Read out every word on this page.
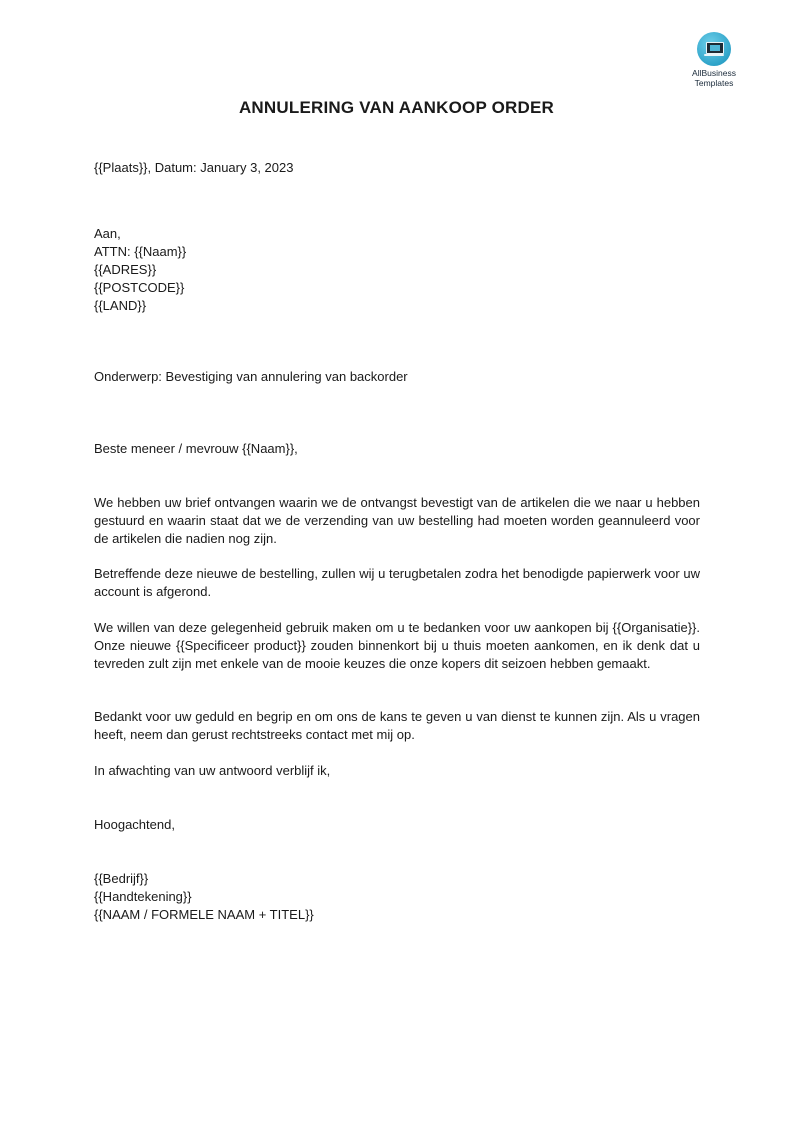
AllBusiness
Templates
ANNULERING VAN AANKOOP ORDER
{{Plaats}}, Datum: January 3, 2023
Aan,
ATTN: {{Naam}}
{{ADRES}}
{{POSTCODE}}
{{LAND}}
Onderwerp: Bevestiging van annulering van backorder
Beste meneer / mevrouw {{Naam}},
We hebben uw brief ontvangen waarin we de ontvangst bevestigt van de artikelen die we naar u hebben gestuurd en waarin staat dat we de verzending van uw bestelling had moeten worden geannuleerd voor de artikelen die nadien nog zijn.
Betreffende deze nieuwe de bestelling, zullen wij u terugbetalen zodra het benodigde papierwerk voor uw account is afgerond.
We willen van deze gelegenheid gebruik maken om u te bedanken voor uw aankopen bij {{Organisatie}}. Onze nieuwe {{Specificeer product}} zouden binnenkort bij u thuis moeten aankomen, en ik denk dat u tevreden zult zijn met enkele van de mooie keuzes die onze kopers dit seizoen hebben gemaakt.
Bedankt voor uw geduld en begrip en om ons de kans te geven u van dienst te kunnen zijn. Als u vragen heeft, neem dan gerust rechtstreeks contact met mij op.
In afwachting van uw antwoord verblijf ik,
Hoogachtend,
{{Bedrijf}}
{{Handtekening}}
{{NAAM / FORMELE NAAM + TITEL}}
